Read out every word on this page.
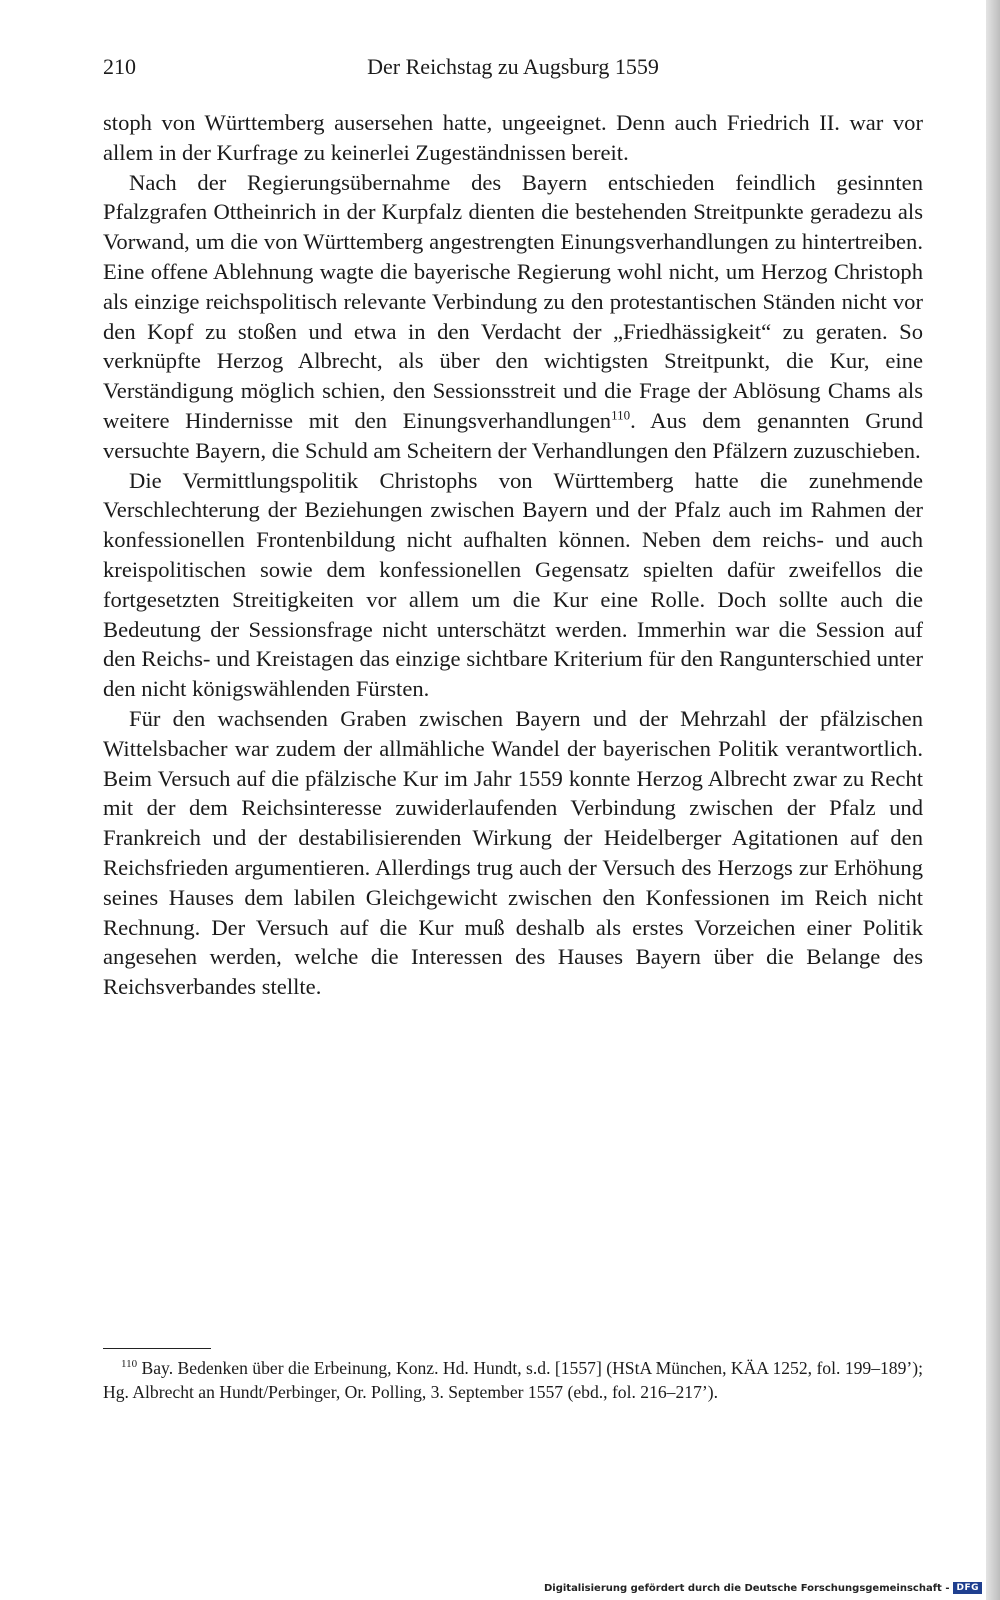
210	Der Reichstag zu Augsburg 1559

stoph von Württemberg ausersehen hatte, ungeeignet. Denn auch Friedrich II. war vor allem in der Kurfrage zu keinerlei Zugeständnissen bereit.

Nach der Regierungsübernahme des Bayern entschieden feindlich gesinnten Pfalzgrafen Ottheinrich in der Kurpfalz dienten die bestehenden Streitpunkte geradezu als Vorwand, um die von Württemberg angestrengten Einungsverhandlungen zu hintertreiben. Eine offene Ablehnung wagte die bayerische Regierung wohl nicht, um Herzog Christoph als einzige reichspolitisch relevante Verbindung zu den protestantischen Ständen nicht vor den Kopf zu stoßen und etwa in den Verdacht der „Friedhässigkeit“ zu geraten. So verknüpfte Herzog Albrecht, als über den wichtigsten Streitpunkt, die Kur, eine Verständigung möglich schien, den Sessionsstreit und die Frage der Ablösung Chams als weitere Hindernisse mit den Einungsverhandlungen$^{110}$. Aus dem genannten Grund versuchte Bayern, die Schuld am Scheitern der Verhandlungen den Pfälzern zuzuschieben.

Die Vermittlungspolitik Christophs von Württemberg hatte die zunehmende Verschlechterung der Beziehungen zwischen Bayern und der Pfalz auch im Rahmen der konfessionellen Frontenbildung nicht aufhalten können. Neben dem reichs- und auch kreispolitischen sowie dem konfessionellen Gegensatz spielten dafür zweifellos die fortgesetzten Streitigkeiten vor allem um die Kur eine Rolle. Doch sollte auch die Bedeutung der Sessionsfrage nicht unterschätzt werden. Immerhin war die Session auf den Reichs- und Kreistagen das einzige sichtbare Kriterium für den Rangunterschied unter den nicht königswählenden Fürsten.

Für den wachsenden Graben zwischen Bayern und der Mehrzahl der pfälzischen Wittelsbacher war zudem der allmähliche Wandel der bayerischen Politik verantwortlich. Beim Versuch auf die pfälzische Kur im Jahr 1559 konnte Herzog Albrecht zwar zu Recht mit der dem Reichsinteresse zuwiderlaufenden Verbindung zwischen der Pfalz und Frankreich und der destabilisierenden Wirkung der Heidelberger Agitationen auf den Reichsfrieden argumentieren. Allerdings trug auch der Versuch des Herzogs zur Erhöhung seines Hauses dem labilen Gleichgewicht zwischen den Konfessionen im Reich nicht Rechnung. Der Versuch auf die Kur muß deshalb als erstes Vorzeichen einer Politik angesehen werden, welche die Interessen des Hauses Bayern über die Belange des Reichsverbandes stellte.

$^{110}$ Bay. Bedenken über die Erbeinung, Konz. Hd. Hundt, s.d. [1557] (HStA München, KÄA 1252, fol. 199–189’); Hg. Albrecht an Hundt/Perbinger, Or. Polling, 3. September 1557 (ebd., fol. 216–217’).
Digitalisierung gefördert durch die Deutsche Forschungsgemeinschaft - DFG
